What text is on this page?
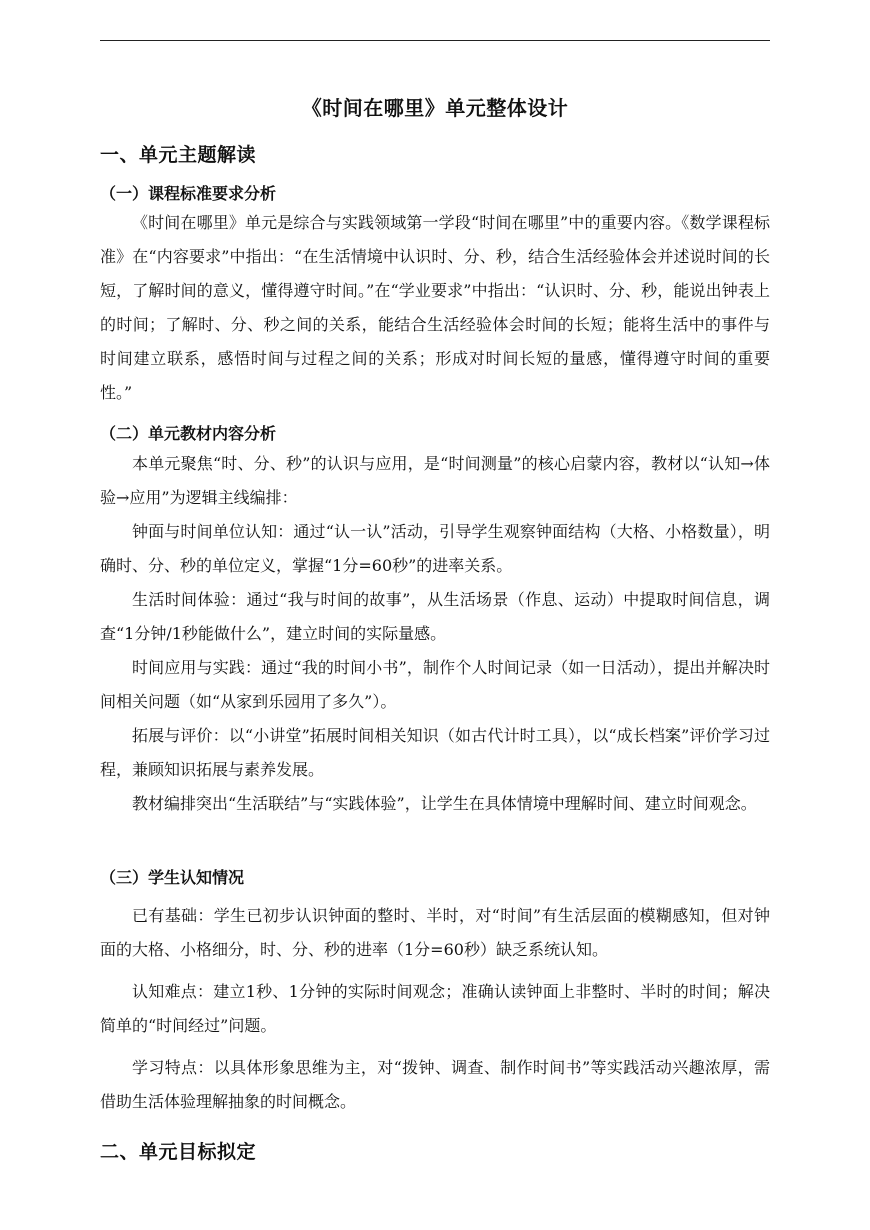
《时间在哪里》单元整体设计
一、单元主题解读
（一）课程标准要求分析

《时间在哪里》单元是综合与实践领域第一学段“时间在哪里”中的重要内容。《数学课程标准》在“内容要求”中指出：“在生活情境中认识时、分、秒，结合生活经验体会并述说时间的长短，了解时间的意义，懂得遵守时间。”在“学业要求”中指出：“认识时、分、秒，能说出钟表上的时间；了解时、分、秒之间的关系，能结合生活经验体会时间的长短；能将生活中的事件与时间建立联系，感悟时间与过程之间的关系；形成对时间长短的量感，懂得遵守时间的重要性。”

（二）单元教材内容分析

本单元聚焦“时、分、秒”的认识与应用，是“时间测量”的核心启蒙内容，教材以“认知→体验→应用”为逻辑主线编排：

钟面与时间单位认知：通过“认一认”活动，引导学生观察钟面结构（大格、小格数量），明确时、分、秒的单位定义，掌握“1分=60秒”的进率关系。

生活时间体验：通过“我与时间的故事”，从生活场景（作息、运动）中提取时间信息，调查“1分钟/1秒能做什么”，建立时间的实际量感。

时间应用与实践：通过“我的时间小书”，制作个人时间记录（如一日活动），提出并解决时间相关问题（如“从家到乐园用了多久”）。

拓展与评价：以“小讲堂”拓展时间相关知识（如古代计时工具），以“成长档案”评价学习过程，兼顾知识拓展与素养发展。

教材编排突出“生活联结”与“实践体验”，让学生在具体情境中理解时间、建立时间观念。

（三）学生认知情况

已有基础：学生已初步认识钟面的整时、半时，对“时间”有生活层面的模糊感知，但对钟面的大格、小格细分，时、分、秒的进率（1分=60秒）缺乏系统认知。

认知难点：建立1秒、1分钟的实际时间观念；准确认读钟面上非整时、半时的时间；解决简单的“时间经过”问题。

学习特点：以具体形象思维为主，对“拨钟、调查、制作时间书”等实践活动兴趣浓厚，需借助生活体验理解抽象的时间概念。

二、单元目标拟定
